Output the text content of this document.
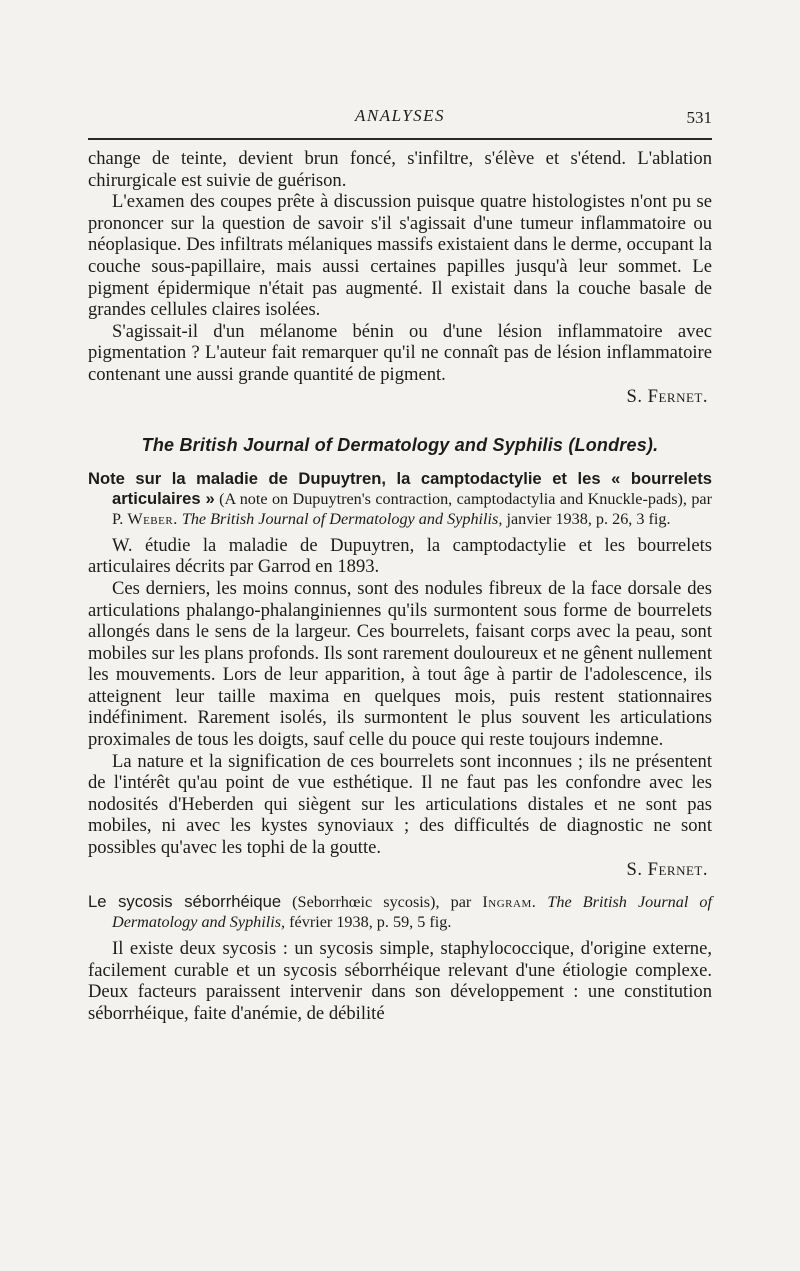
ANALYSES	531

change de teinte, devient brun foncé, s'infiltre, s'élève et s'étend. L'ablation chirurgicale est suivie de guérison.

L'examen des coupes prête à discussion puisque quatre histologistes n'ont pu se prononcer sur la question de savoir s'il s'agissait d'une tumeur inflammatoire ou néoplasique. Des infiltrats mélaniques massifs existaient dans le derme, occupant la couche sous-papillaire, mais aussi certaines papilles jusqu'à leur sommet. Le pigment épidermique n'était pas augmenté. Il existait dans la couche basale de grandes cellules claires isolées.

S'agissait-il d'un mélanome bénin ou d'une lésion inflammatoire avec pigmentation ? L'auteur fait remarquer qu'il ne connaît pas de lésion inflammatoire contenant une aussi grande quantité de pigment.

S. Fernet.

The British Journal of Dermatology and Syphilis (Londres).

Note sur la maladie de Dupuytren, la camptodactylie et les « bourrelets articulaires » (A note on Dupuytren's contraction, camptodactylia and Knuckle-pads), par P. Weber. The British Journal of Dermatology and Syphilis, janvier 1938, p. 26, 3 fig.

W. étudie la maladie de Dupuytren, la camptodactylie et les bourrelets articulaires décrits par Garrod en 1893.

Ces derniers, les moins connus, sont des nodules fibreux de la face dorsale des articulations phalango-phalanginiennes qu'ils surmontent sous forme de bourrelets allongés dans le sens de la largeur. Ces bourrelets, faisant corps avec la peau, sont mobiles sur les plans profonds. Ils sont rarement douloureux et ne gênent nullement les mouvements. Lors de leur apparition, à tout âge à partir de l'adolescence, ils atteignent leur taille maxima en quelques mois, puis restent stationnaires indéfiniment. Rarement isolés, ils surmontent le plus souvent les articulations proximales de tous les doigts, sauf celle du pouce qui reste toujours indemne.

La nature et la signification de ces bourrelets sont inconnues ; ils ne présentent de l'intérêt qu'au point de vue esthétique. Il ne faut pas les confondre avec les nodosités d'Heberden qui siègent sur les articulations distales et ne sont pas mobiles, ni avec les kystes synoviaux ; des difficultés de diagnostic ne sont possibles qu'avec les tophi de la goutte.

S. Fernet.

Le sycosis séborrhéique (Seborrhœic sycosis), par Ingram. The British Journal of Dermatology and Syphilis, février 1938, p. 59, 5 fig.

Il existe deux sycosis : un sycosis simple, staphylococcique, d'origine externe, facilement curable et un sycosis séborrhéique relevant d'une étiologie complexe. Deux facteurs paraissent intervenir dans son développement : une constitution séborrhéique, faite d'anémie, de débilité
